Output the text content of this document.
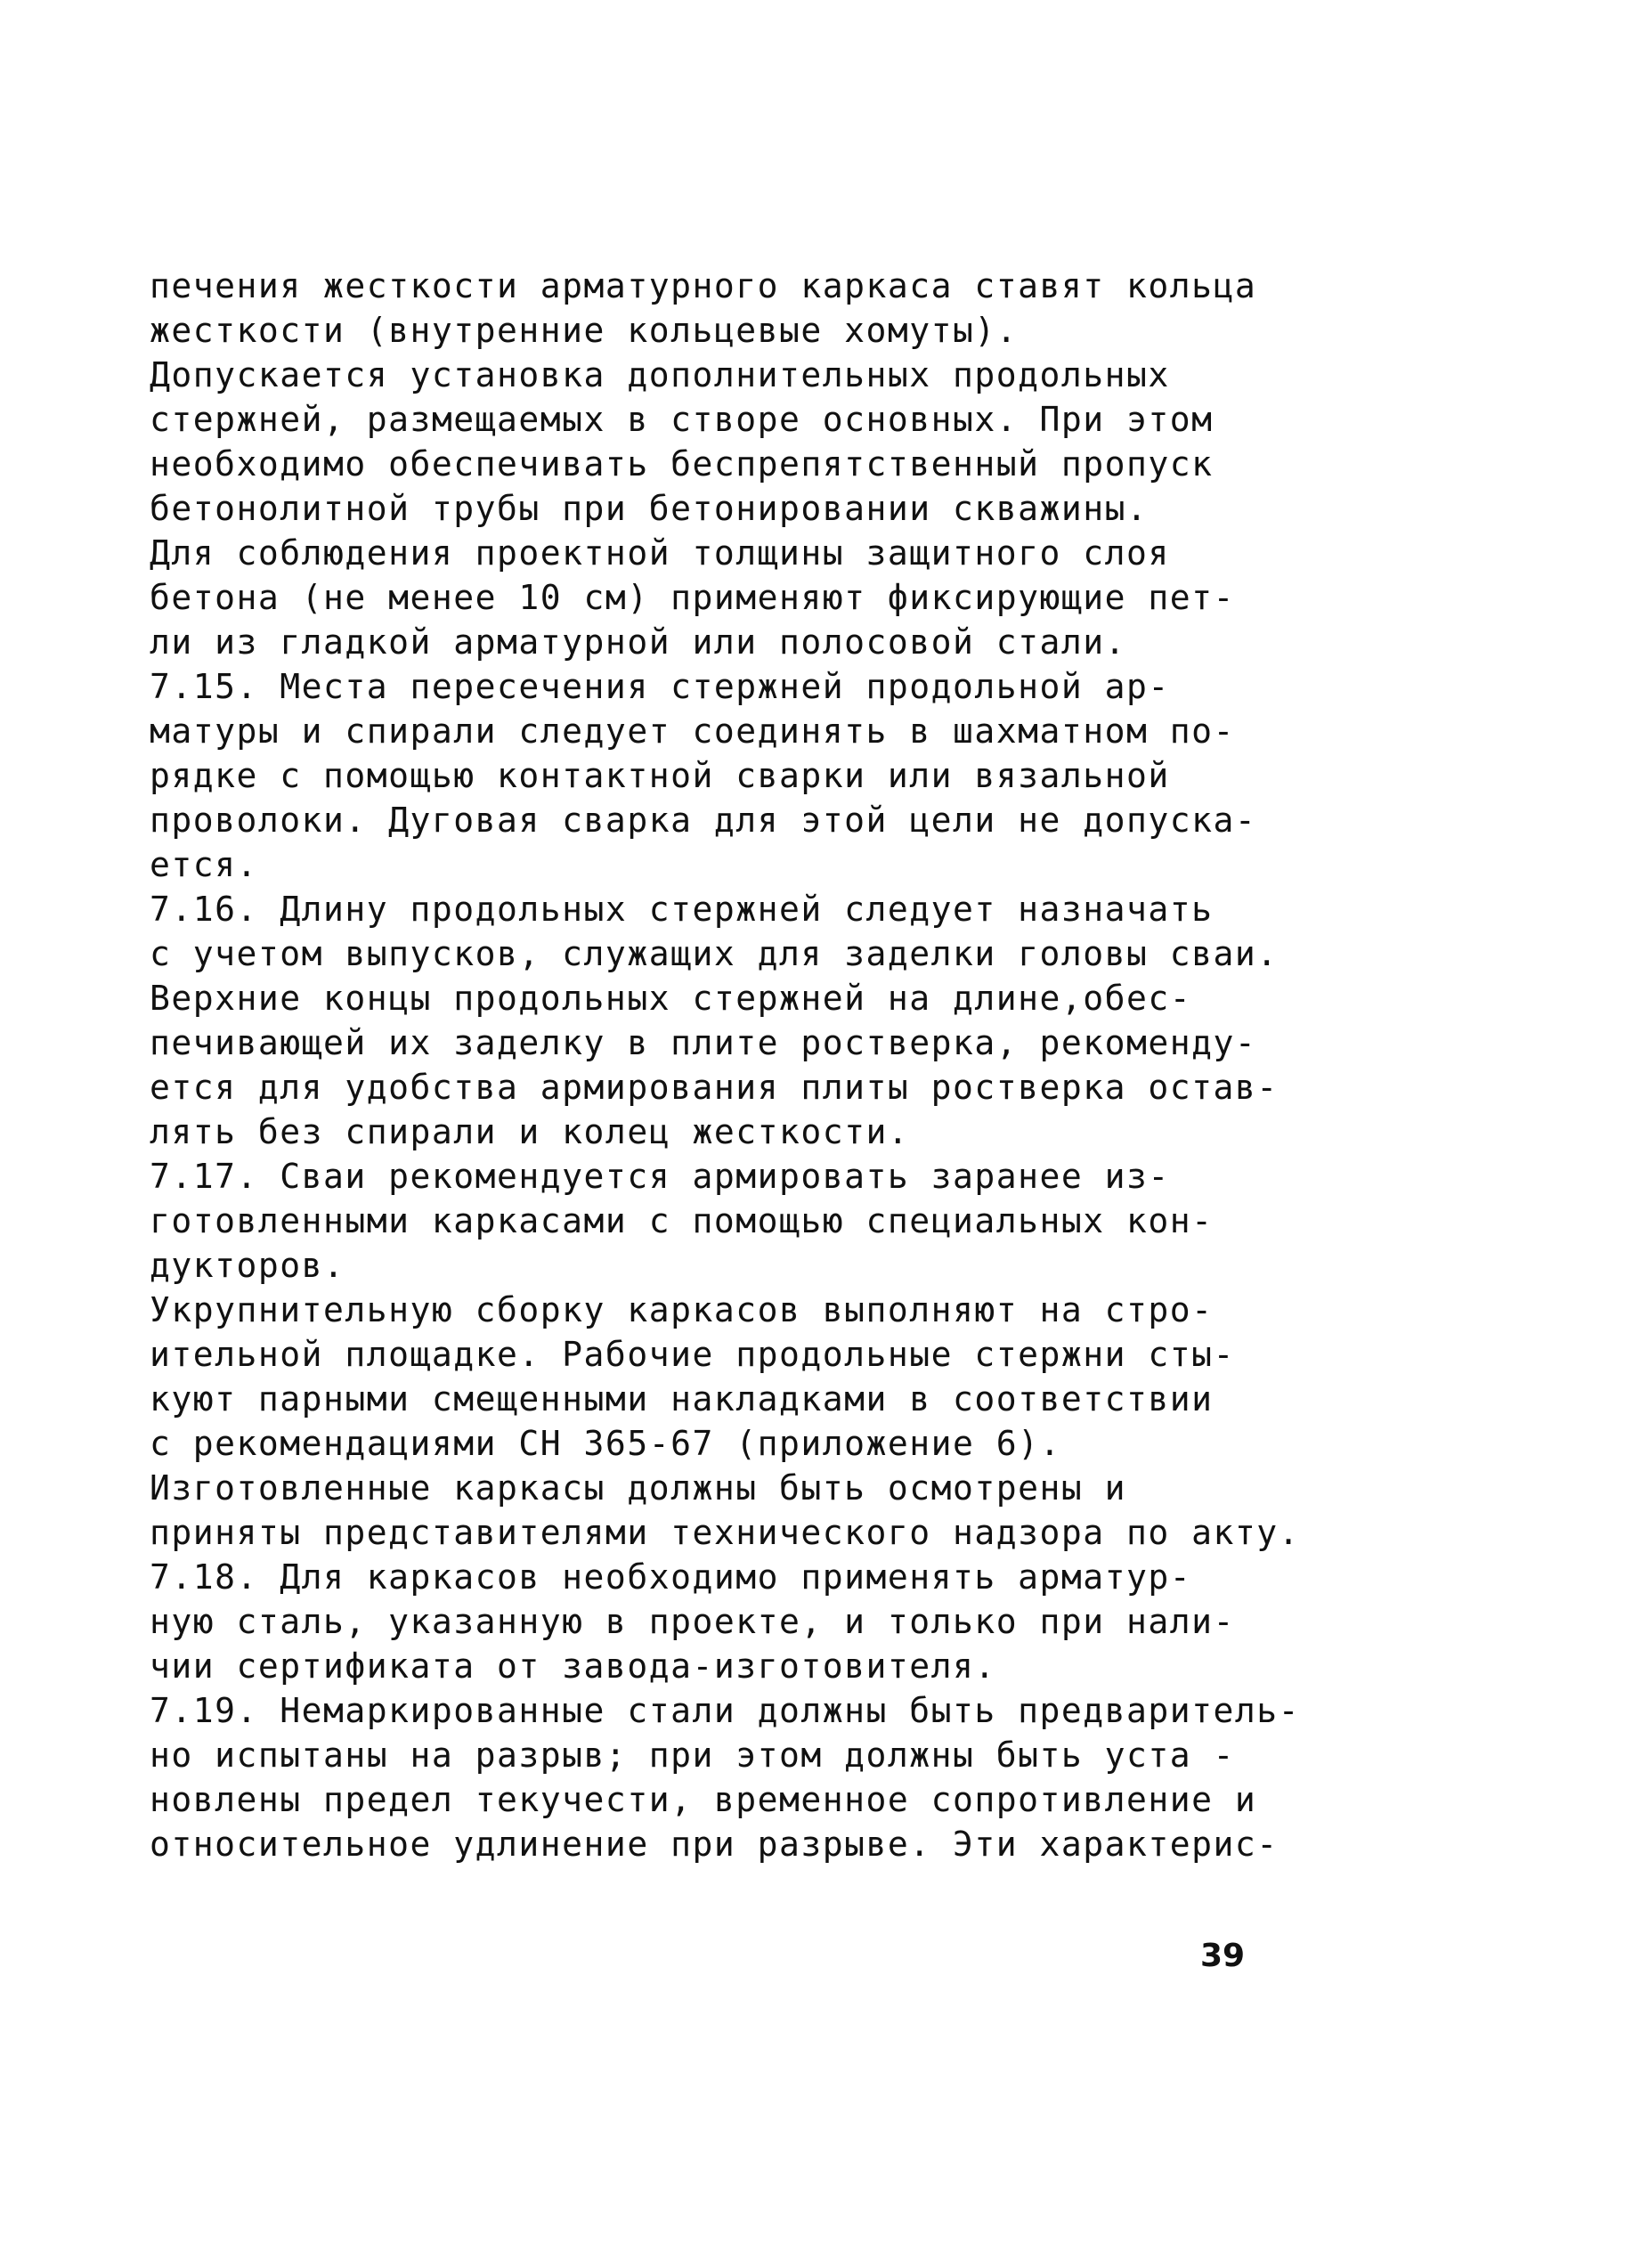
печения жесткости арматурного каркаса ставят кольца
жесткости (внутренние кольцевые хомуты).
Допускается установка дополнительных продольных
стержней, размещаемых в створе основных. При этом
необходимо обеспечивать беспрепятственный пропуск
бетонолитной трубы при бетонировании скважины.
Для соблюдения проектной толщины защитного слоя
бетона (не менее 10 см) применяют фиксирующие пет-
ли из гладкой арматурной или полосовой стали.
7.15. Места пересечения стержней продольной ар-
матуры и спирали следует соединять в шахматном по-
рядке с помощью контактной сварки или вязальной
проволоки. Дуговая сварка для этой цели не допуска-
ется.
7.16. Длину продольных стержней следует назначать
с учетом выпусков, служащих для заделки головы сваи.
Верхние концы продольных стержней на длине,обес-
печивающей их заделку в плите ростверка, рекоменду-
ется для удобства армирования плиты ростверка остав-
лять без спирали и колец жесткости.
7.17. Сваи рекомендуется армировать заранее из-
готовленными каркасами с помощью специальных кон-
дукторов.
Укрупнительную сборку каркасов выполняют на стро-
ительной площадке. Рабочие продольные стержни сты-
куют парными смещенными накладками в соответствии
с рекомендациями СН 365-67 (приложение 6).
Изготовленные каркасы должны быть осмотрены и
приняты представителями технического надзора по акту.
7.18. Для каркасов необходимо применять арматур-
ную сталь, указанную в проекте, и только при нали-
чии сертификата от завода-изготовителя.
7.19. Немаркированные стали должны быть предваритель-
но испытаны на разрыв; при этом должны быть уста -
новлены предел текучести, временное сопротивление и
относительное удлинение при разрыве. Эти характерис-
39
